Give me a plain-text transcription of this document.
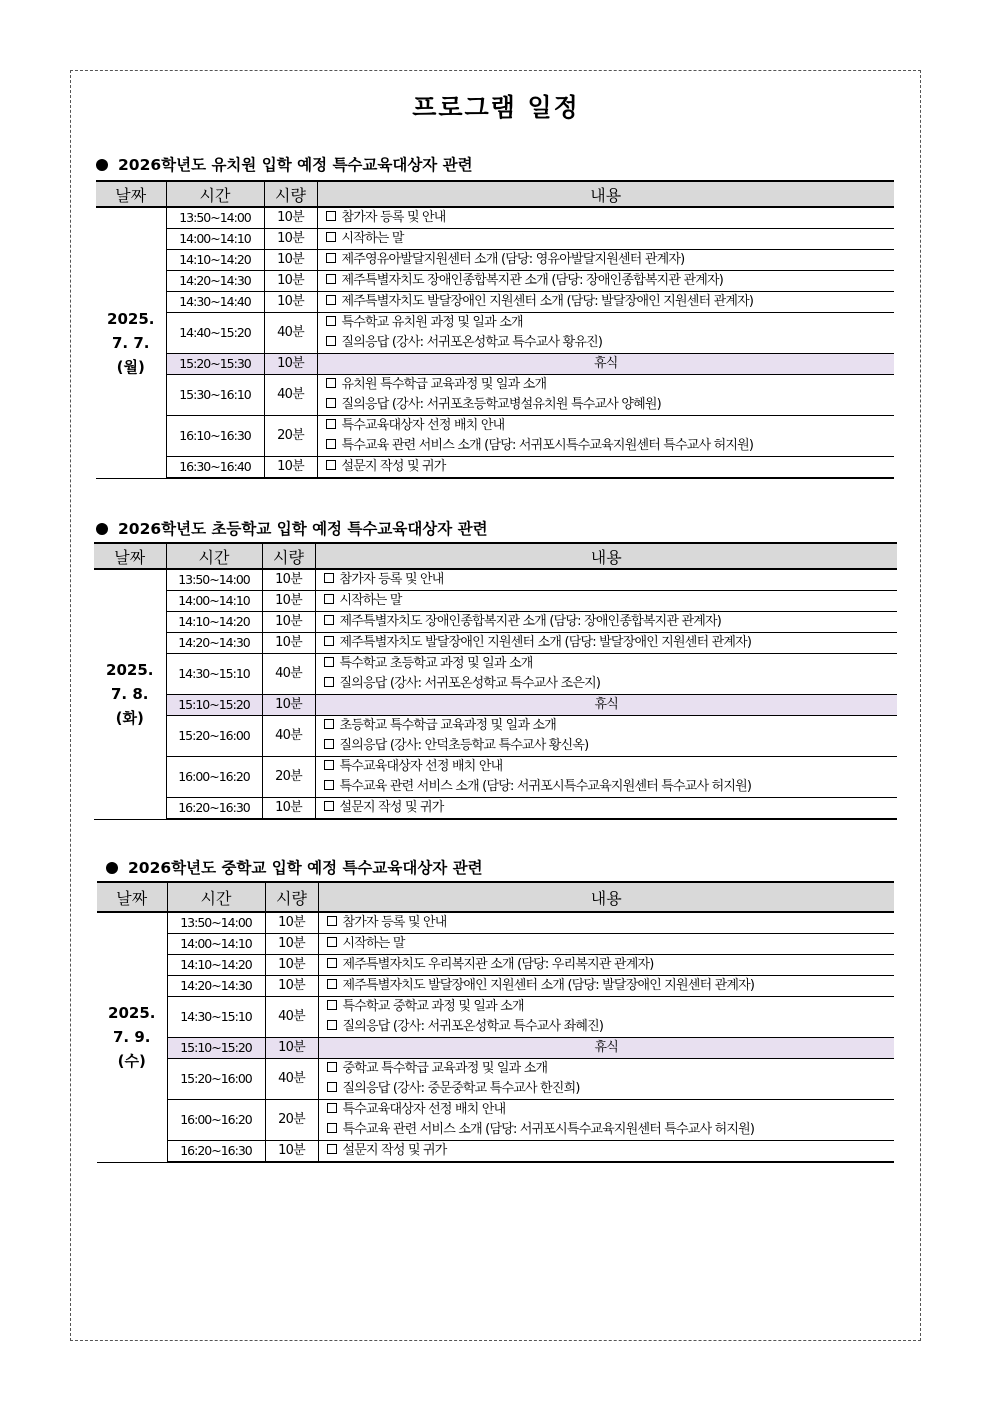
프로그램 일정
2026학년도 유치원 입학 예정 특수교육대상자 관련
날짜	시간	시량	내용

2025.
7. 7.
(월)	13:50~14:00	10분	참가자 등록 및 안내

	14:00~14:10	10분	시작하는 말

	14:10~14:20	10분	제주영유아발달지원센터 소개 (담당: 영유아발달지원센터 관계자)

	14:20~14:30	10분	제주특별자치도 장애인종합복지관 소개 (담당: 장애인종합복지관 관계자)

	14:30~14:40	10분	제주특별자치도 발달장애인 지원센터 소개 (담당: 발달장애인 지원센터 관계자)

	14:40~15:20	40분	특수학교 유치원 과정 및 일과 소개
질의응답 (강사: 서귀포온성학교 특수교사 황유진)

	15:20~15:30	10분	휴식
	15:30~16:10	40분	유치원 특수학급 교육과정 및 일과 소개
질의응답 (강사: 서귀포초등학교병설유치원 특수교사 양혜원)

	16:10~16:30	20분	특수교육대상자 선정 배치 안내
특수교육 관련 서비스 소개 (담당: 서귀포시특수교육지원센터 특수교사 허지원)

	16:30~16:40	10분	설문지 작성 및 귀가
2026학년도 초등학교 입학 예정 특수교육대상자 관련
날짜	시간	시량	내용

2025.
7. 8.
(화)	13:50~14:00	10분	참가자 등록 및 안내

	14:00~14:10	10분	시작하는 말

	14:10~14:20	10분	제주특별자치도 장애인종합복지관 소개 (담당: 장애인종합복지관 관계자)

	14:20~14:30	10분	제주특별자치도 발달장애인 지원센터 소개 (담당: 발달장애인 지원센터 관계자)

	14:30~15:10	40분	특수학교 초등학교 과정 및 일과 소개
질의응답 (강사: 서귀포온성학교 특수교사 조은지)

	15:10~15:20	10분	휴식
	15:20~16:00	40분	초등학교 특수학급 교육과정 및 일과 소개
질의응답 (강사: 안덕초등학교 특수교사 황신옥)

	16:00~16:20	20분	특수교육대상자 선정 배치 안내
특수교육 관련 서비스 소개 (담당: 서귀포시특수교육지원센터 특수교사 허지원)

	16:20~16:30	10분	설문지 작성 및 귀가
2026학년도 중학교 입학 예정 특수교육대상자 관련
날짜	시간	시량	내용

2025.
7. 9.
(수)	13:50~14:00	10분	참가자 등록 및 안내

	14:00~14:10	10분	시작하는 말

	14:10~14:20	10분	제주특별자치도 우리복지관 소개 (담당: 우리복지관 관계자)

	14:20~14:30	10분	제주특별자치도 발달장애인 지원센터 소개 (담당: 발달장애인 지원센터 관계자)

	14:30~15:10	40분	특수학교 중학교 과정 및 일과 소개
질의응답 (강사: 서귀포온성학교 특수교사 좌혜진)

	15:10~15:20	10분	휴식
	15:20~16:00	40분	중학교 특수학급 교육과정 및 일과 소개
질의응답 (강사: 중문중학교 특수교사 한진희)

	16:00~16:20	20분	특수교육대상자 선정 배치 안내
특수교육 관련 서비스 소개 (담당: 서귀포시특수교육지원센터 특수교사 허지원)

	16:20~16:30	10분	설문지 작성 및 귀가
